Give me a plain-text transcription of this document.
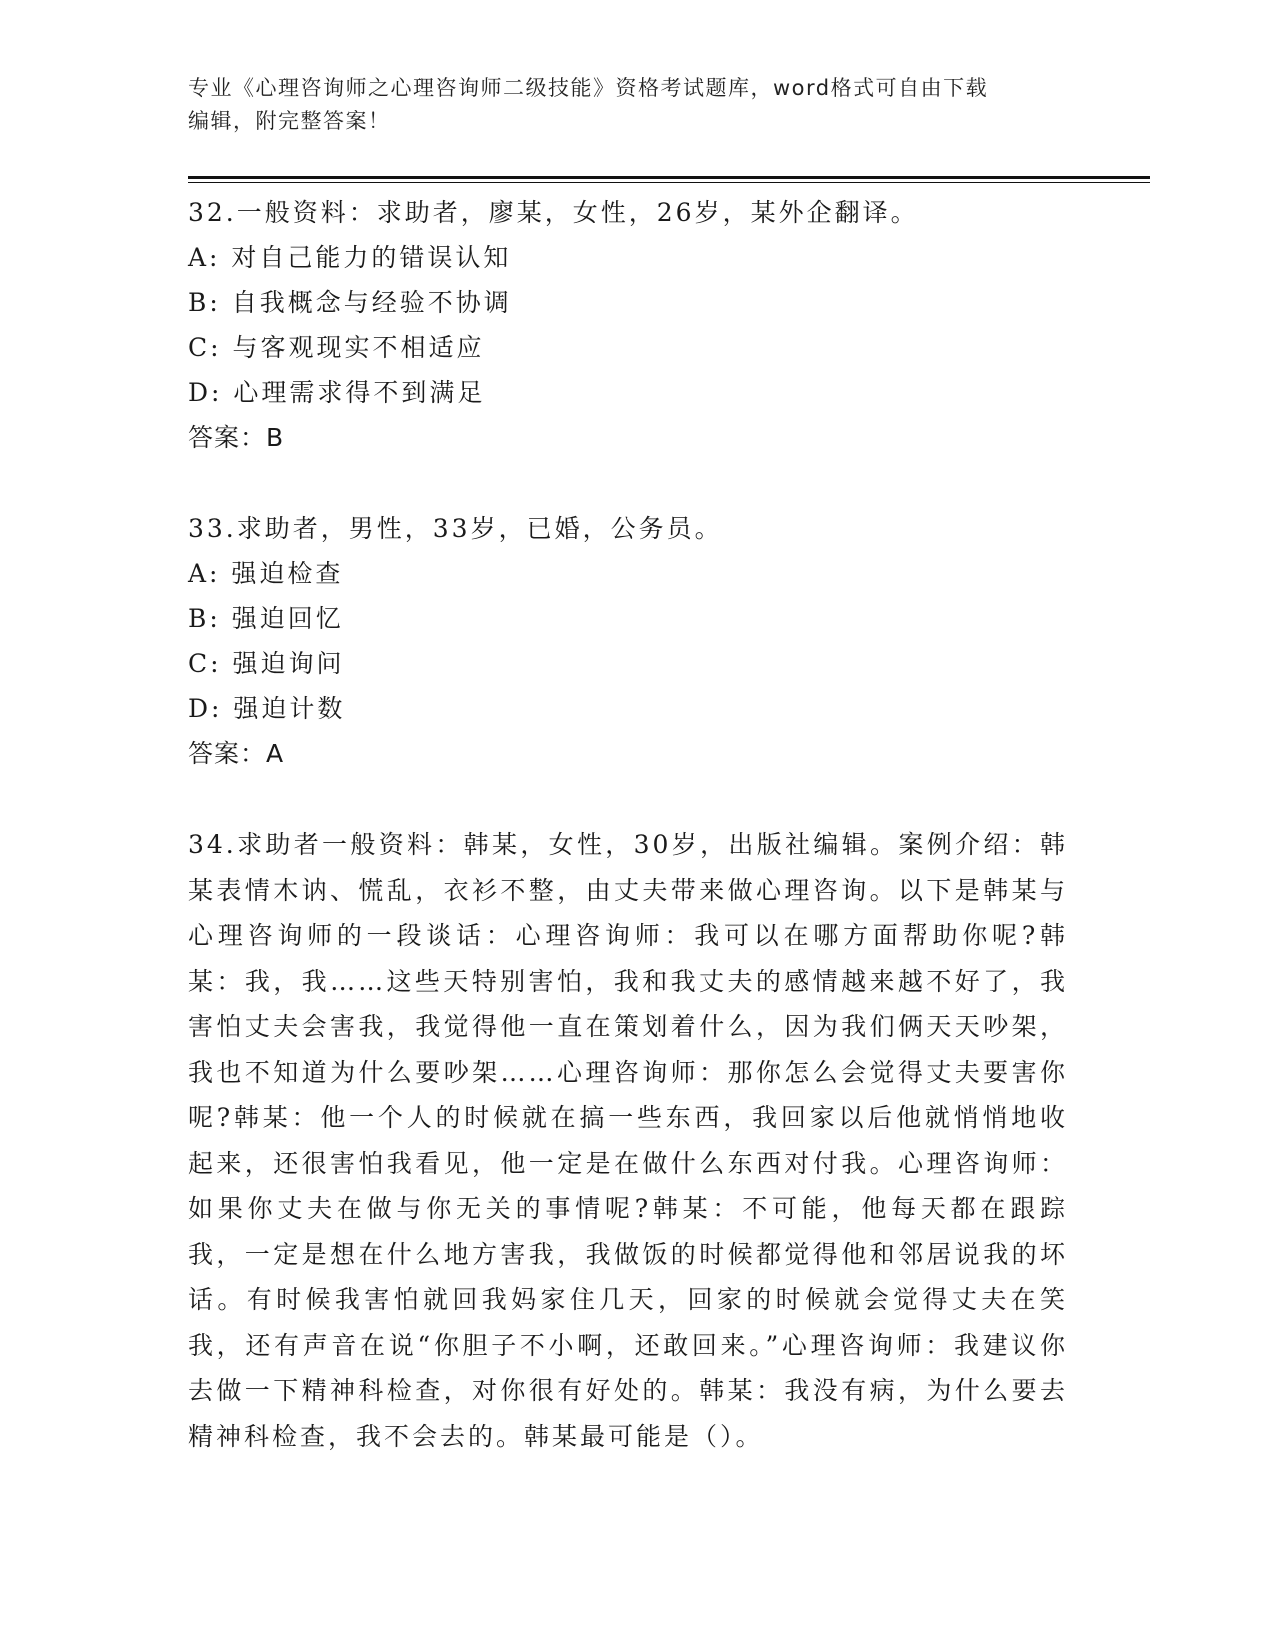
专业《心理咨询师之心理咨询师二级技能》资格考试题库，word格式可自由下载
编辑，附完整答案！
32.一般资料：求助者，廖某，女性，26岁，某外企翻译。
A: 对自己能力的错误认知
B: 自我概念与经验不协调
C: 与客观现实不相适应
D: 心理需求得不到满足
答案：B
33.求助者，男性，33岁，已婚，公务员。
A: 强迫检查
B: 强迫回忆
C: 强迫询问
D: 强迫计数
答案：A
34.求助者一般资料：韩某，女性，30岁，出版社编辑。案例介绍：韩某表情木讷、慌乱，衣衫不整，由丈夫带来做心理咨询。以下是韩某与心理咨询师的一段谈话：心理咨询师：我可以在哪方面帮助你呢?韩某：我，我……这些天特别害怕，我和我丈夫的感情越来越不好了，我害怕丈夫会害我，我觉得他一直在策划着什么，因为我们俩天天吵架，我也不知道为什么要吵架……心理咨询师：那你怎么会觉得丈夫要害你呢?韩某：他一个人的时候就在搞一些东西，我回家以后他就悄悄地收起来，还很害怕我看见，他一定是在做什么东西对付我。心理咨询师：如果你丈夫在做与你无关的事情呢?韩某：不可能，他每天都在跟踪我，一定是想在什么地方害我，我做饭的时候都觉得他和邻居说我的坏话。有时候我害怕就回我妈家住几天，回家的时候就会觉得丈夫在笑我，还有声音在说“你胆子不小啊，还敢回来。”心理咨询师：我建议你去做一下精神科检查，对你很有好处的。韩某：我没有病，为什么要去精神科检查，我不会去的。韩某最可能是（）。
